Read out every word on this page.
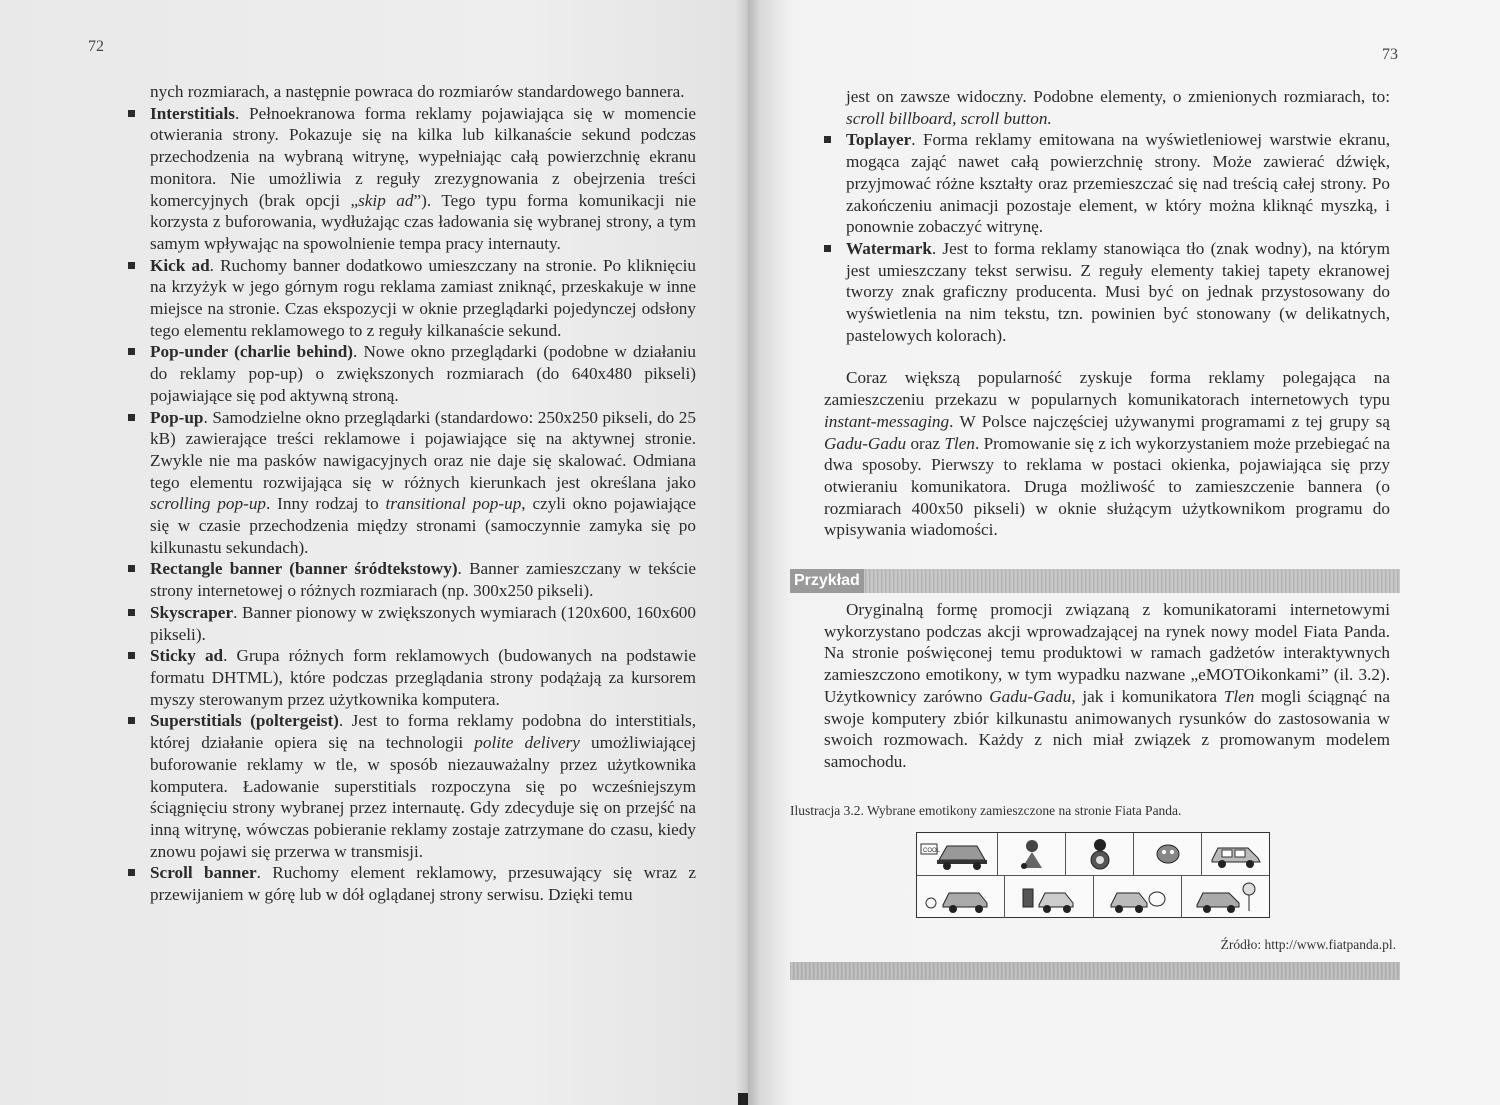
72
nych rozmiarach, a następnie powraca do rozmiarów standardowego bannera.
Interstitials. Pełnoekranowa forma reklamy pojawiająca się w momencie otwierania strony. Pokazuje się na kilka lub kilkanaście sekund podczas przechodzenia na wybraną witrynę, wypełniając całą powierzchnię ekranu monitora. Nie umożliwia z reguły zrezygnowania z obejrzenia treści komercyjnych (brak opcji „skip ad”). Tego typu forma komunikacji nie korzysta z buforowania, wydłużając czas ładowania się wybranej strony, a tym samym wpływając na spowolnienie tempa pracy internauty.
Kick ad. Ruchomy banner dodatkowo umieszczany na stronie. Po kliknięciu na krzyżyk w jego górnym rogu reklama zamiast zniknąć, przeskakuje w inne miejsce na stronie. Czas ekspozycji w oknie przeglądarki pojedynczej odsłony tego elementu reklamowego to z reguły kilkanaście sekund.
Pop-under (charlie behind). Nowe okno przeglądarki (podobne w działaniu do reklamy pop-up) o zwiększonych rozmiarach (do 640x480 pikseli) pojawiające się pod aktywną stroną.
Pop-up. Samodzielne okno przeglądarki (standardowo: 250x250 pikseli, do 25 kB) zawierające treści reklamowe i pojawiające się na aktywnej stronie. Zwykle nie ma pasków nawigacyjnych oraz nie daje się skalować. Odmiana tego elementu rozwijająca się w różnych kierunkach jest określana jako scrolling pop-up. Inny rodzaj to transitional pop-up, czyli okno pojawiające się w czasie przechodzenia między stronami (samoczynnie zamyka się po kilkunastu sekundach).
Rectangle banner (banner śródtekstowy). Banner zamieszczany w tekście strony internetowej o różnych rozmiarach (np. 300x250 pikseli).
Skyscraper. Banner pionowy w zwiększonych wymiarach (120x600, 160x600 pikseli).
Sticky ad. Grupa różnych form reklamowych (budowanych na podstawie formatu DHTML), które podczas przeglądania strony podążają za kursorem myszy sterowanym przez użytkownika komputera.
Superstitials (poltergeist). Jest to forma reklamy podobna do interstitials, której działanie opiera się na technologii polite delivery umożliwiającej buforowanie reklamy w tle, w sposób niezauważalny przez użytkownika komputera. Ładowanie superstitials rozpoczyna się po wcześniejszym ściągnięciu strony wybranej przez internautę. Gdy zdecyduje się on przejść na inną witrynę, wówczas pobieranie reklamy zostaje zatrzymane do czasu, kiedy znowu pojawi się przerwa w transmisji.
Scroll banner. Ruchomy element reklamowy, przesuwający się wraz z przewijaniem w górę lub w dół oglądanej strony serwisu. Dzięki temu
73
jest on zawsze widoczny. Podobne elementy, o zmienionych rozmiarach, to: scroll billboard, scroll button.
Toplayer. Forma reklamy emitowana na wyświetleniowej warstwie ekranu, mogąca zająć nawet całą powierzchnię strony. Może zawierać dźwięk, przyjmować różne kształty oraz przemieszczać się nad treścią całej strony. Po zakończeniu animacji pozostaje element, w który można kliknąć myszką, i ponownie zobaczyć witrynę.
Watermark. Jest to forma reklamy stanowiąca tło (znak wodny), na którym jest umieszczany tekst serwisu. Z reguły elementy takiej tapety ekranowej tworzy znak graficzny producenta. Musi być on jednak przystosowany do wyświetlenia na nim tekstu, tzn. powinien być stonowany (w delikatnych, pastelowych kolorach).
Coraz większą popularność zyskuje forma reklamy polegająca na zamieszczeniu przekazu w popularnych komunikatorach internetowych typu instant-messaging. W Polsce najczęściej używanymi programami z tej grupy są Gadu-Gadu oraz Tlen. Promowanie się z ich wykorzystaniem może przebiegać na dwa sposoby. Pierwszy to reklama w postaci okienka, pojawiająca się przy otwieraniu komunikatora. Druga możliwość to zamieszczenie bannera (o rozmiarach 400x50 pikseli) w oknie służącym użytkownikom programu do wpisywania wiadomości.
Przykład
Oryginalną formę promocji związaną z komunikatorami internetowymi wykorzystano podczas akcji wprowadzającej na rynek nowy model Fiata Panda. Na stronie poświęconej temu produktowi w ramach gadżetów interaktywnych zamieszczono emotikony, w tym wypadku nazwane „eMOTOikonkami” (il. 3.2). Użytkownicy zarówno Gadu-Gadu, jak i komunikatora Tlen mogli ściągnąć na swoje komputery zbiór kilkunastu animowanych rysunków do zastosowania w swoich rozmowach. Każdy z nich miał związek z promowanym modelem samochodu.
Ilustracja 3.2. Wybrane emotikony zamieszczone na stronie Fiata Panda.
COOL
Źródło: http://www.fiatpanda.pl.
